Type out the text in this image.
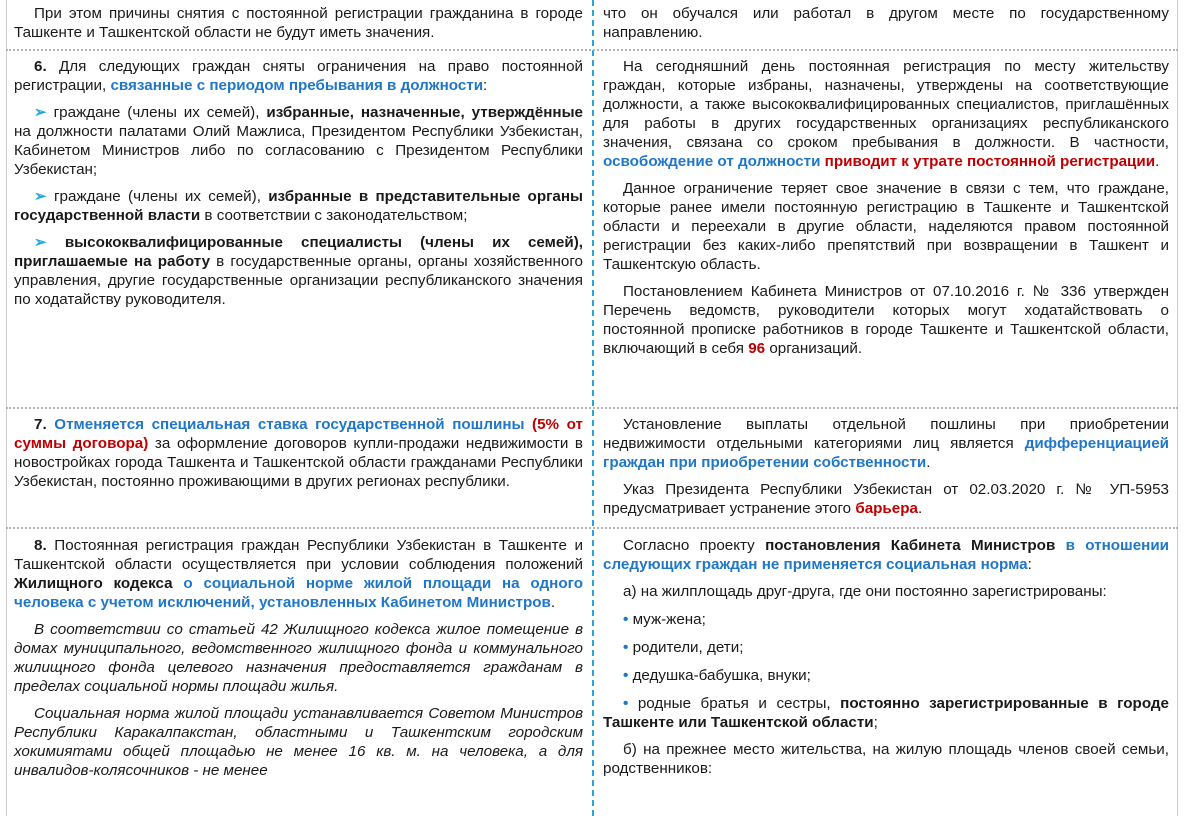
При этом причины снятия с постоянной регистрации гражданина в городе Ташкенте и Ташкентской области не будут иметь значения.

что он обучался или работал в другом месте по государственному направлению.

6. Для следующих граждан сняты ограничения на право постоянной регистрации, связанные с периодом пребывания в должности:

➢ граждане (члены их семей), избранные, назначенные, утверждённые на должности палатами Олий Мажлиса, Президентом Республики Узбекистан, Кабинетом Министров либо по согласованию с Президентом Республики Узбекистан;

➢ граждане (члены их семей), избранные в представительные органы государственной власти в соответствии с законодательством;

➢ высококвалифицированные специалисты (члены их семей), приглашаемые на работу в государственные органы, органы хозяйственного управления, другие государственные организации республиканского значения по ходатайству руководителя.

На сегодняшний день постоянная регистрация по месту жительству граждан, которые избраны, назначены, утверждены на соответствующие должности, а также высококвалифицированных специалистов, приглашённых для работы в других государственных организациях республиканского значения, связана со сроком пребывания в должности. В частности, освобождение от должности приводит к утрате постоянной регистрации.

Данное ограничение теряет свое значение в связи с тем, что граждане, которые ранее имели постоянную регистрацию в Ташкенте и Ташкентской области и переехали в другие области, наделяются правом постоянной регистрации без каких-либо препятствий при возвращении в Ташкент и Ташкентскую область.

Постановлением Кабинета Министров от 07.10.2016 г. № 336 утвержден Перечень ведомств, руководители которых могут ходатайствовать о постоянной прописке работников в городе Ташкенте и Ташкентской области, включающий в себя 96 организаций.

7. Отменяется специальная ставка государственной пошлины (5% от суммы договора) за оформление договоров купли-продажи недвижимости в новостройках города Ташкента и Ташкентской области гражданами Республики Узбекистан, постоянно проживающими в других регионах республики.

Установление выплаты отдельной пошлины при приобретении недвижимости отдельными категориями лиц является дифференциацией граждан при приобретении собственности.

Указ Президента Республики Узбекистан от 02.03.2020 г. № УП-5953 предусматривает устранение этого барьера.

8. Постоянная регистрация граждан Республики Узбекистан в Ташкенте и Ташкентской области осуществляется при условии соблюдения положений Жилищного кодекса о социальной норме жилой площади на одного человека с учетом исключений, установленных Кабинетом Министров.

В соответствии со статьей 42 Жилищного кодекса жилое помещение в домах муниципального, ведомственного жилищного фонда и коммунального жилищного фонда целевого назначения предоставляется гражданам в пределах социальной нормы площади жилья.

Социальная норма жилой площади устанавливается Советом Министров Республики Каракалпакстан, областными и Ташкентским городским хокимиятами общей площадью не менее 16 кв. м. на человека, а для инвалидов-колясочников - не менее

Согласно проекту постановления Кабинета Министров в отношении следующих граждан не применяется социальная норма:

а) на жилплощадь друг-друга, где они постоянно зарегистрированы:

• муж-жена;

• родители, дети;

• дедушка-бабушка, внуки;

• родные братья и сестры, постоянно зарегистрированные в городе Ташкенте или Ташкентской области;

б) на прежнее место жительства, на жилую площадь членов своей семьи, родственников:
